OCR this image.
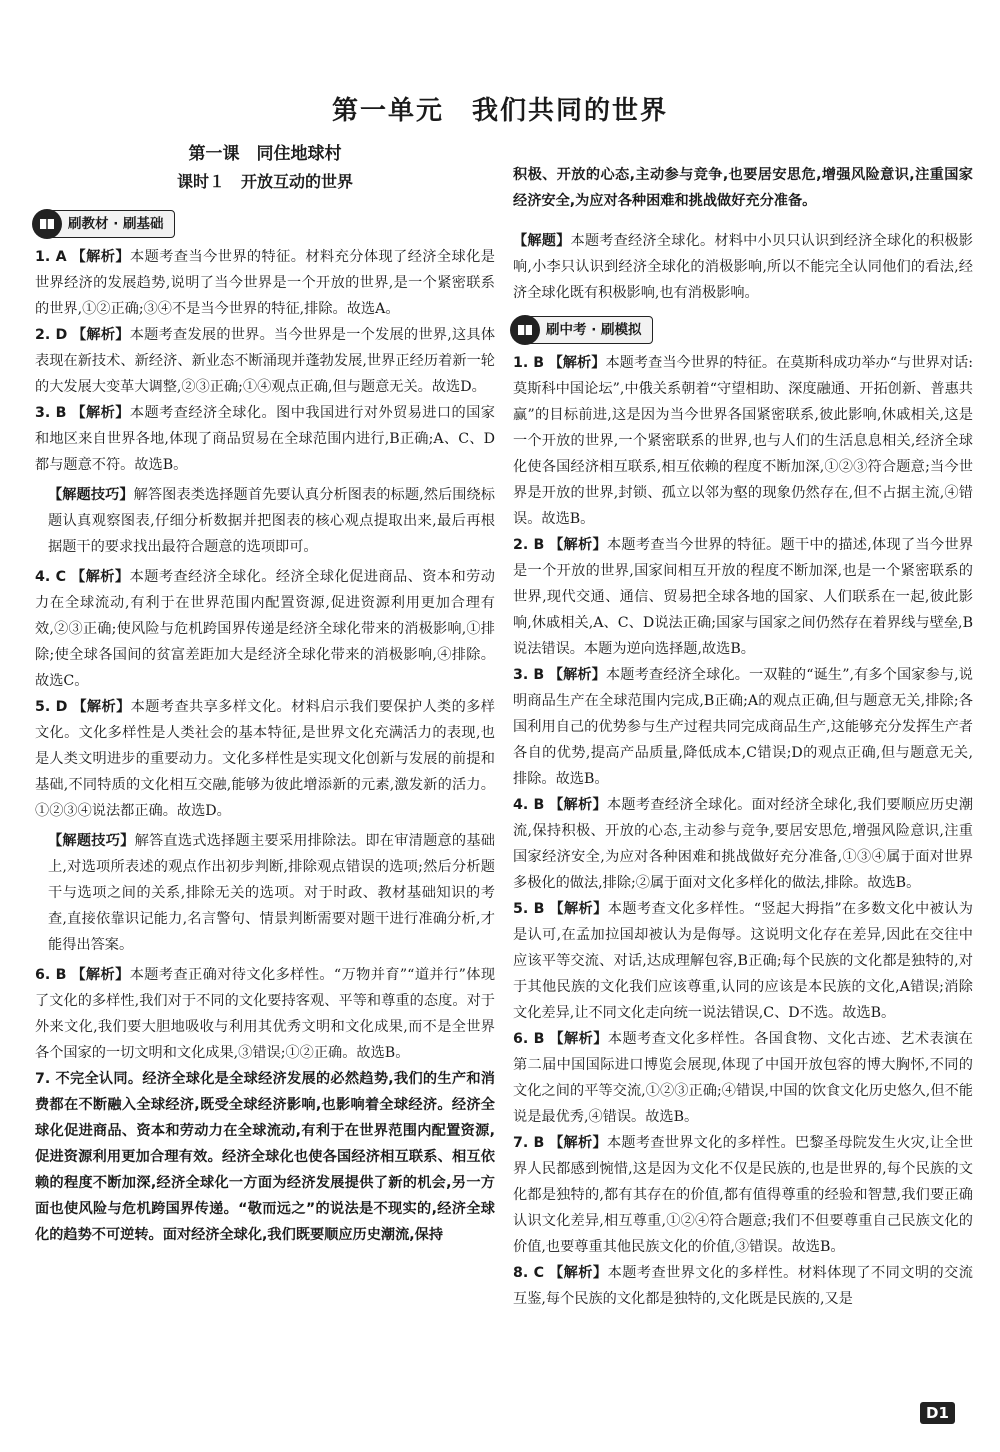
第一单元　我们共同的世界
第一课　同住地球村
课时１　开放互动的世界
刷教材 · 刷基础

1. A 【解析】本题考查当今世界的特征。材料充分体现了经济全球化是世界经济的发展趋势,说明了当今世界是一个开放的世界,是一个紧密联系的世界,①②正确;③④不是当今世界的特征,排除。故选A。

2. D 【解析】本题考查发展的世界。当今世界是一个发展的世界,这具体表现在新技术、新经济、新业态不断涌现并蓬勃发展,世界正经历着新一轮的大发展大变革大调整,②③正确;①④观点正确,但与题意无关。故选D。

3. B 【解析】本题考查经济全球化。图中我国进行对外贸易进口的国家和地区来自世界各地,体现了商品贸易在全球范围内进行,B正确;A、C、D都与题意不符。故选B。

【解题技巧】解答图表类选择题首先要认真分析图表的标题,然后围绕标题认真观察图表,仔细分析数据并把图表的核心观点提取出来,最后再根据题干的要求找出最符合题意的选项即可。

4. C 【解析】本题考查经济全球化。经济全球化促进商品、资本和劳动力在全球流动,有利于在世界范围内配置资源,促进资源利用更加合理有效,②③正确;使风险与危机跨国界传递是经济全球化带来的消极影响,①排除;使全球各国间的贫富差距加大是经济全球化带来的消极影响,④排除。故选C。

5. D 【解析】本题考查共享多样文化。材料启示我们要保护人类的多样文化。文化多样性是人类社会的基本特征,是世界文化充满活力的表现,也是人类文明进步的重要动力。文化多样性是实现文化创新与发展的前提和基础,不同特质的文化相互交融,能够为彼此增添新的元素,激发新的活力。①②③④说法都正确。故选D。

【解题技巧】解答直选式选择题主要采用排除法。即在审清题意的基础上,对选项所表述的观点作出初步判断,排除观点错误的选项;然后分析题干与选项之间的关系,排除无关的选项。对于时政、教材基础知识的考查,直接依靠识记能力,名言警句、情景判断需要对题干进行准确分析,才能得出答案。

6. B 【解析】本题考查正确对待文化多样性。“万物并育”“道并行”体现了文化的多样性,我们对于不同的文化要持客观、平等和尊重的态度。对于外来文化,我们要大胆地吸收与利用其优秀文明和文化成果,而不是全世界各个国家的一切文明和文化成果,③错误;①②正确。故选B。

7. 不完全认同。经济全球化是全球经济发展的必然趋势,我们的生产和消费都在不断融入全球经济,既受全球经济影响,也影响着全球经济。经济全球化促进商品、资本和劳动力在全球流动,有利于在世界范围内配置资源,促进资源利用更加合理有效。经济全球化也使各国经济相互联系、相互依赖的程度不断加深,经济全球化一方面为经济发展提供了新的机会,另一方面也使风险与危机跨国界传递。“敬而远之”的说法是不现实的,经济全球化的趋势不可逆转。面对经济全球化,我们既要顺应历史潮流,保持

积极、开放的心态,主动参与竞争,也要居安思危,增强风险意识,注重国家经济安全,为应对各种困难和挑战做好充分准备。

【解题】本题考查经济全球化。材料中小贝只认识到经济全球化的积极影响,小李只认识到经济全球化的消极影响,所以不能完全认同他们的看法,经济全球化既有积极影响,也有消极影响。

刷中考 · 刷模拟

1. B 【解析】本题考查当今世界的特征。在莫斯科成功举办“与世界对话:莫斯科中国论坛”,中俄关系朝着“守望相助、深度融通、开拓创新、普惠共赢”的目标前进,这是因为当今世界各国紧密联系,彼此影响,休戚相关,这是一个开放的世界,一个紧密联系的世界,也与人们的生活息息相关,经济全球化使各国经济相互联系,相互依赖的程度不断加深,①②③符合题意;当今世界是开放的世界,封锁、孤立以邻为壑的现象仍然存在,但不占据主流,④错误。故选B。

2. B 【解析】本题考查当今世界的特征。题干中的描述,体现了当今世界是一个开放的世界,国家间相互开放的程度不断加深,也是一个紧密联系的世界,现代交通、通信、贸易把全球各地的国家、人们联系在一起,彼此影响,休戚相关,A、C、D说法正确;国家与国家之间仍然存在着界线与壁垒,B说法错误。本题为逆向选择题,故选B。

3. B 【解析】本题考查经济全球化。一双鞋的“诞生”,有多个国家参与,说明商品生产在全球范围内完成,B正确;A的观点正确,但与题意无关,排除;各国利用自己的优势参与生产过程共同完成商品生产,这能够充分发挥生产者各自的优势,提高产品质量,降低成本,C错误;D的观点正确,但与题意无关,排除。故选B。

4. B 【解析】本题考查经济全球化。面对经济全球化,我们要顺应历史潮流,保持积极、开放的心态,主动参与竞争,要居安思危,增强风险意识,注重国家经济安全,为应对各种困难和挑战做好充分准备,①③④属于面对世界多极化的做法,排除;②属于面对文化多样化的做法,排除。故选B。

5. B 【解析】本题考查文化多样性。“竖起大拇指”在多数文化中被认为是认可,在孟加拉国却被认为是侮辱。这说明文化存在差异,因此在交往中应该平等交流、对话,达成理解包容,B正确;每个民族的文化都是独特的,对于其他民族的文化我们应该尊重,认同的应该是本民族的文化,A错误;消除文化差异,让不同文化走向统一说法错误,C、D不选。故选B。

6. B 【解析】本题考查文化多样性。各国食物、文化古迹、艺术表演在第二届中国国际进口博览会展现,体现了中国开放包容的博大胸怀,不同的文化之间的平等交流,①②③正确;④错误,中国的饮食文化历史悠久,但不能说是最优秀,④错误。故选B。

7. B 【解析】本题考查世界文化的多样性。巴黎圣母院发生火灾,让全世界人民都感到惋惜,这是因为文化不仅是民族的,也是世界的,每个民族的文化都是独特的,都有其存在的价值,都有值得尊重的经验和智慧,我们要正确认识文化差异,相互尊重,①②④符合题意;我们不但要尊重自己民族文化的价值,也要尊重其他民族文化的价值,③错误。故选B。

8. C 【解析】本题考查世界文化的多样性。材料体现了不同文明的交流互鉴,每个民族的文化都是独特的,文化既是民族的,又是

D1
